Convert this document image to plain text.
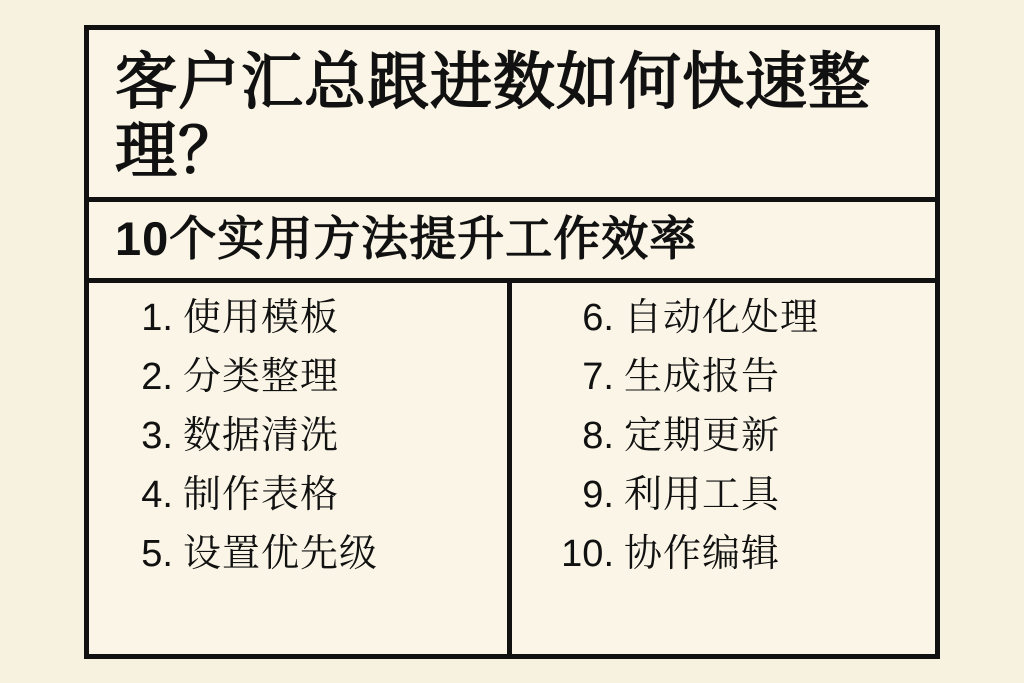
客户汇总跟进数如何快速整理？
10个实用方法提升工作效率
1. 使用模板
2. 分类整理
3. 数据清洗
4. 制作表格
5. 设置优先级
6. 自动化处理
7. 生成报告
8. 定期更新
9. 利用工具
10. 协作编辑
